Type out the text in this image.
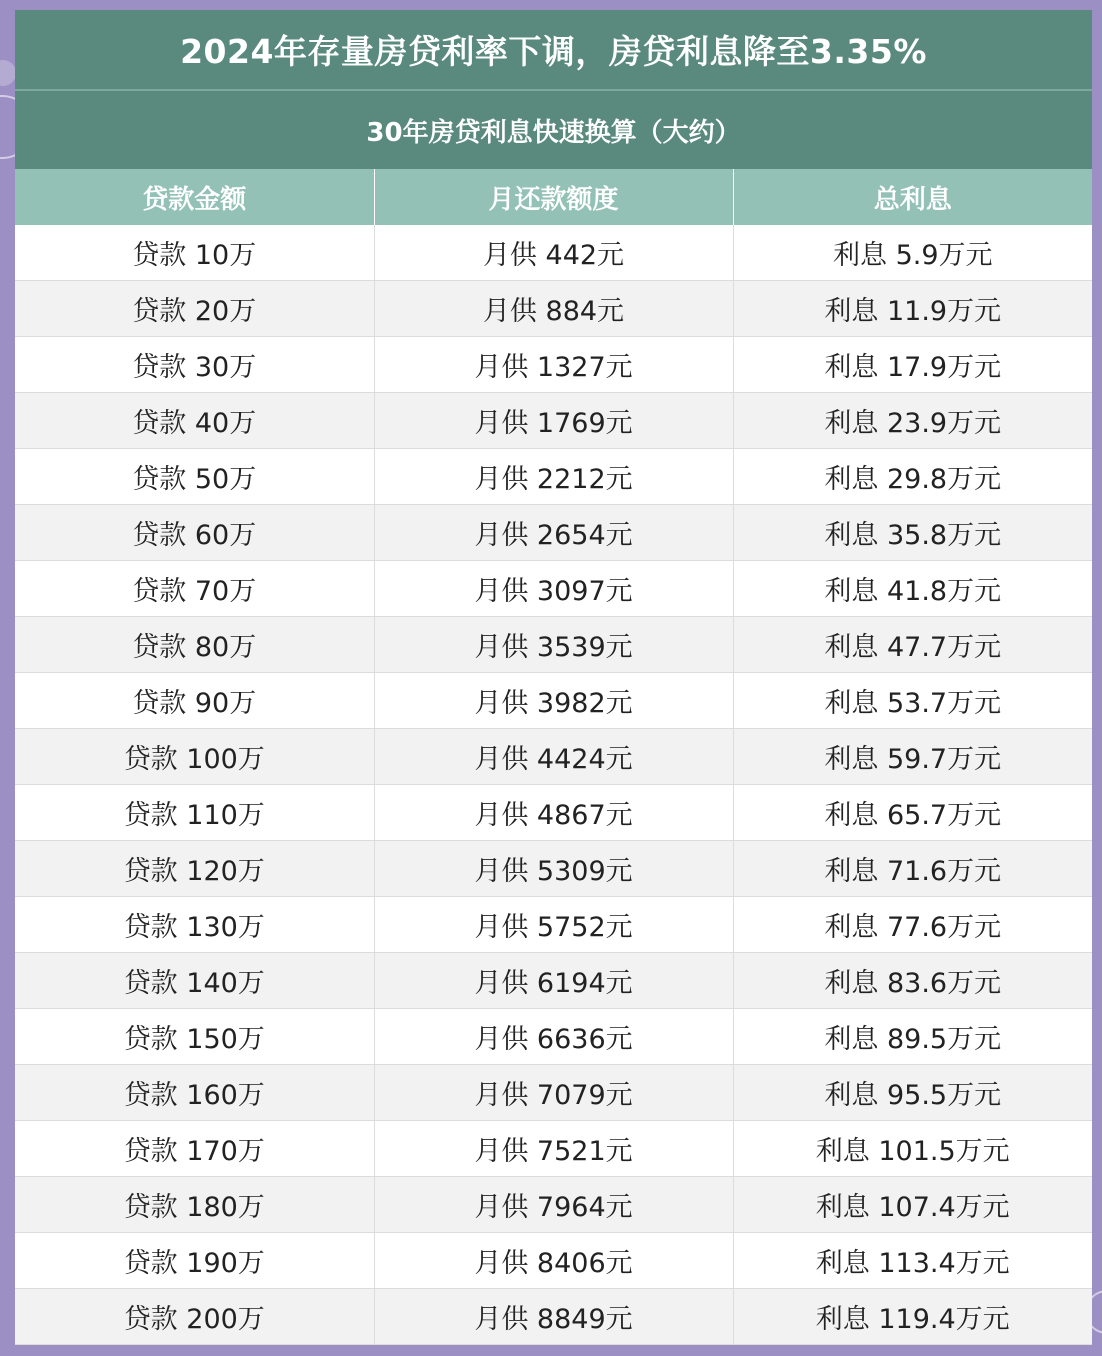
2024年存量房贷利率下调，房贷利息降至3.35%
30年房贷利息快速换算（大约）
贷款金额	月还款额度	总利息
贷款 10万	月供 442元	利息 5.9万元
贷款 20万	月供 884元	利息 11.9万元
贷款 30万	月供 1327元	利息 17.9万元
贷款 40万	月供 1769元	利息 23.9万元
贷款 50万	月供 2212元	利息 29.8万元
贷款 60万	月供 2654元	利息 35.8万元
贷款 70万	月供 3097元	利息 41.8万元
贷款 80万	月供 3539元	利息 47.7万元
贷款 90万	月供 3982元	利息 53.7万元
贷款 100万	月供 4424元	利息 59.7万元
贷款 110万	月供 4867元	利息 65.7万元
贷款 120万	月供 5309元	利息 71.6万元
贷款 130万	月供 5752元	利息 77.6万元
贷款 140万	月供 6194元	利息 83.6万元
贷款 150万	月供 6636元	利息 89.5万元
贷款 160万	月供 7079元	利息 95.5万元
贷款 170万	月供 7521元	利息 101.5万元
贷款 180万	月供 7964元	利息 107.4万元
贷款 190万	月供 8406元	利息 113.4万元
贷款 200万	月供 8849元	利息 119.4万元
